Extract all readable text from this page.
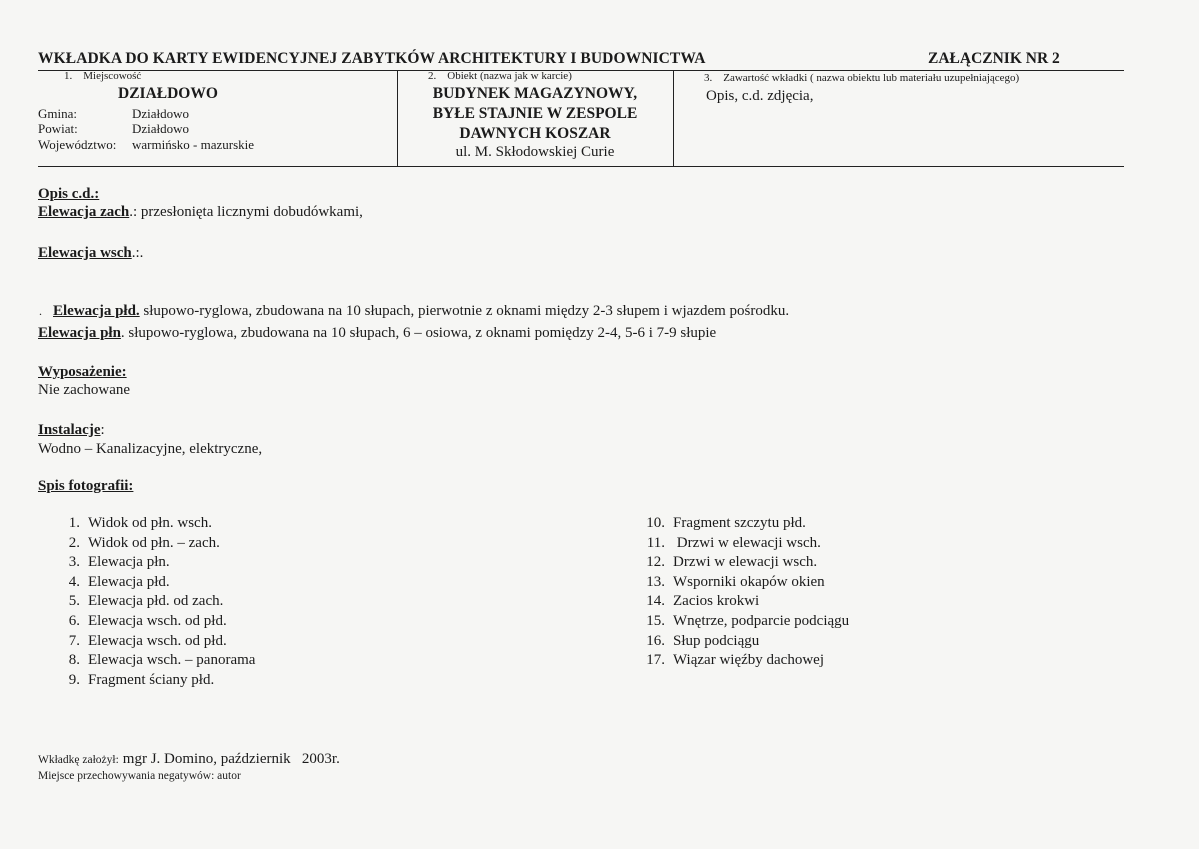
WKŁADKA DO KARTY EWIDENCYJNEJ ZABYTKÓW ARCHITEKTURY I BUDOWNICTWA	ZAŁĄCZNIK NR 2
1.    Miejscowość
DZIAŁDOWO
Gmina:	Działdowo
Powiat:	Działdowo
Województwo: warmińsko - mazurskie
2.    Obiekt (nazwa jak w karcie)
BUDYNEK MAGAZYNOWY,
BYŁE STAJNIE W ZESPOLE
DAWNYCH KOSZAR
ul. M. Skłodowskiej Curie
3.    Zawartość wkładki ( nazwa obiektu lub materiału uzupełniającego)
Opis, c.d. zdjęcia,
Opis c.d.:
Elewacja zach.: przesłonięta licznymi dobudówkami,
Elewacja wsch.:.

Elewacja płd. słupowo-ryglowa, zbudowana na 10 słupach, pierwotnie z oknami między 2-3 słupem i wjazdem pośrodku.

.
Elewacja płn. słupowo-ryglowa, zbudowana na 10 słupach, 6 – osiowa, z oknami pomiędzy 2-4, 5-6 i 7-9 słupie
Wyposażenie:
Nie zachowane
Instalacje:
Wodno – Kanalizacyjne, elektryczne,
Spis fotografii:
1. Widok od płn. wsch.
2. Widok od płn. – zach.
3. Elewacja płn.
4. Elewacja płd.
5. Elewacja płd. od zach.
6. Elewacja wsch. od płd.
7. Elewacja wsch. od płd.
8. Elewacja wsch. – panorama
9. Fragment ściany płd.
10. Fragment szczytu płd.
11. Drzwi w elewacji wsch.
12. Drzwi w elewacji wsch.
13. Wsporniki okapów okien
14. Zacios krokwi
15. Wnętrze, podparcie podciągu
16. Słup podciągu
17. Wiązar więźby dachowej
Wkładkę założył: mgr J. Domino, październik   2003r.
Miejsce przechowywania negatywów: autor
